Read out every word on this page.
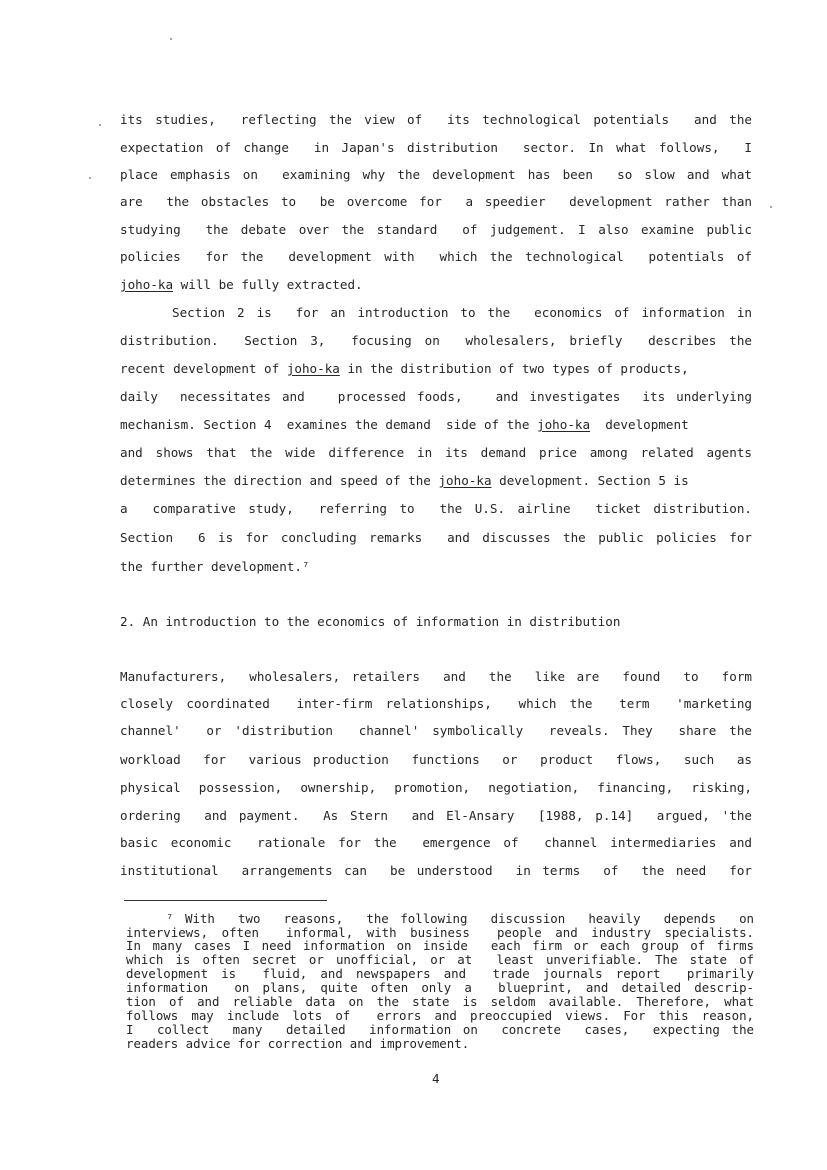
its studies,  reflecting the view of  its technological potentials  and the
expectation of change  in Japan's distribution  sector. In what follows,  I
place emphasis on  examining why the development has been  so slow and what
are  the obstacles to  be overcome for  a speedier  development rather than
studying  the debate over the standard  of judgement. I also examine public
policies  for the  development with  which the technological  potentials of
joho-ka will be fully extracted.
Section 2 is  for an introduction to the  economics of information in
distribution.  Section 3,  focusing on  wholesalers, briefly  describes the
recent development of joho-ka in the distribution of two types of products,
daily  necessitates and   processed foods,   and investigates  its underlying
mechanism. Section 4  examines the demand  side of the joho-ka  development
and shows that the wide difference in its demand price among related agents
determines the direction and speed of the joho-ka development. Section 5 is
a  comparative study,  referring to  the U.S. airline  ticket distribution.
Section  6 is for concluding remarks  and discusses the public policies for
the further development.⁷
2. An introduction to the economics of information in distribution
Manufacturers,  wholesalers, retailers  and  the  like are  found  to  form
closely coordinated  inter-firm relationships,  which the  term  'marketing
channel'  or 'distribution  channel' symbolically  reveals. They  share the
workload  for  various production  functions  or  product  flows,  such  as
physical possession, ownership, promotion, negotiation, financing, risking,
ordering  and payment.  As Stern  and El-Ansary  [1988, p.14]  argued, 'the
basic economic  rationale for the  emergence of  channel intermediaries and
institutional  arrangements can  be understood  in terms  of  the need  for
⁷ With  two  reasons,  the following  discussion  heavily  depends  on
interviews, often  informal, with business  people and industry specialists.
In many cases I need information on inside  each firm or each group of firms
which is often secret or unofficial, or at  least unverifiable. The state of
development is  fluid, and newspapers and  trade journals report  primarily
information  on plans, quite often only a  blueprint, and detailed descrip-
tion of and reliable data on the state is seldom available. Therefore, what
follows may include lots of  errors and preoccupied views. For this reason,
I  collect  many  detailed  information on  concrete  cases,  expecting the
readers advice for correction and improvement.
4
